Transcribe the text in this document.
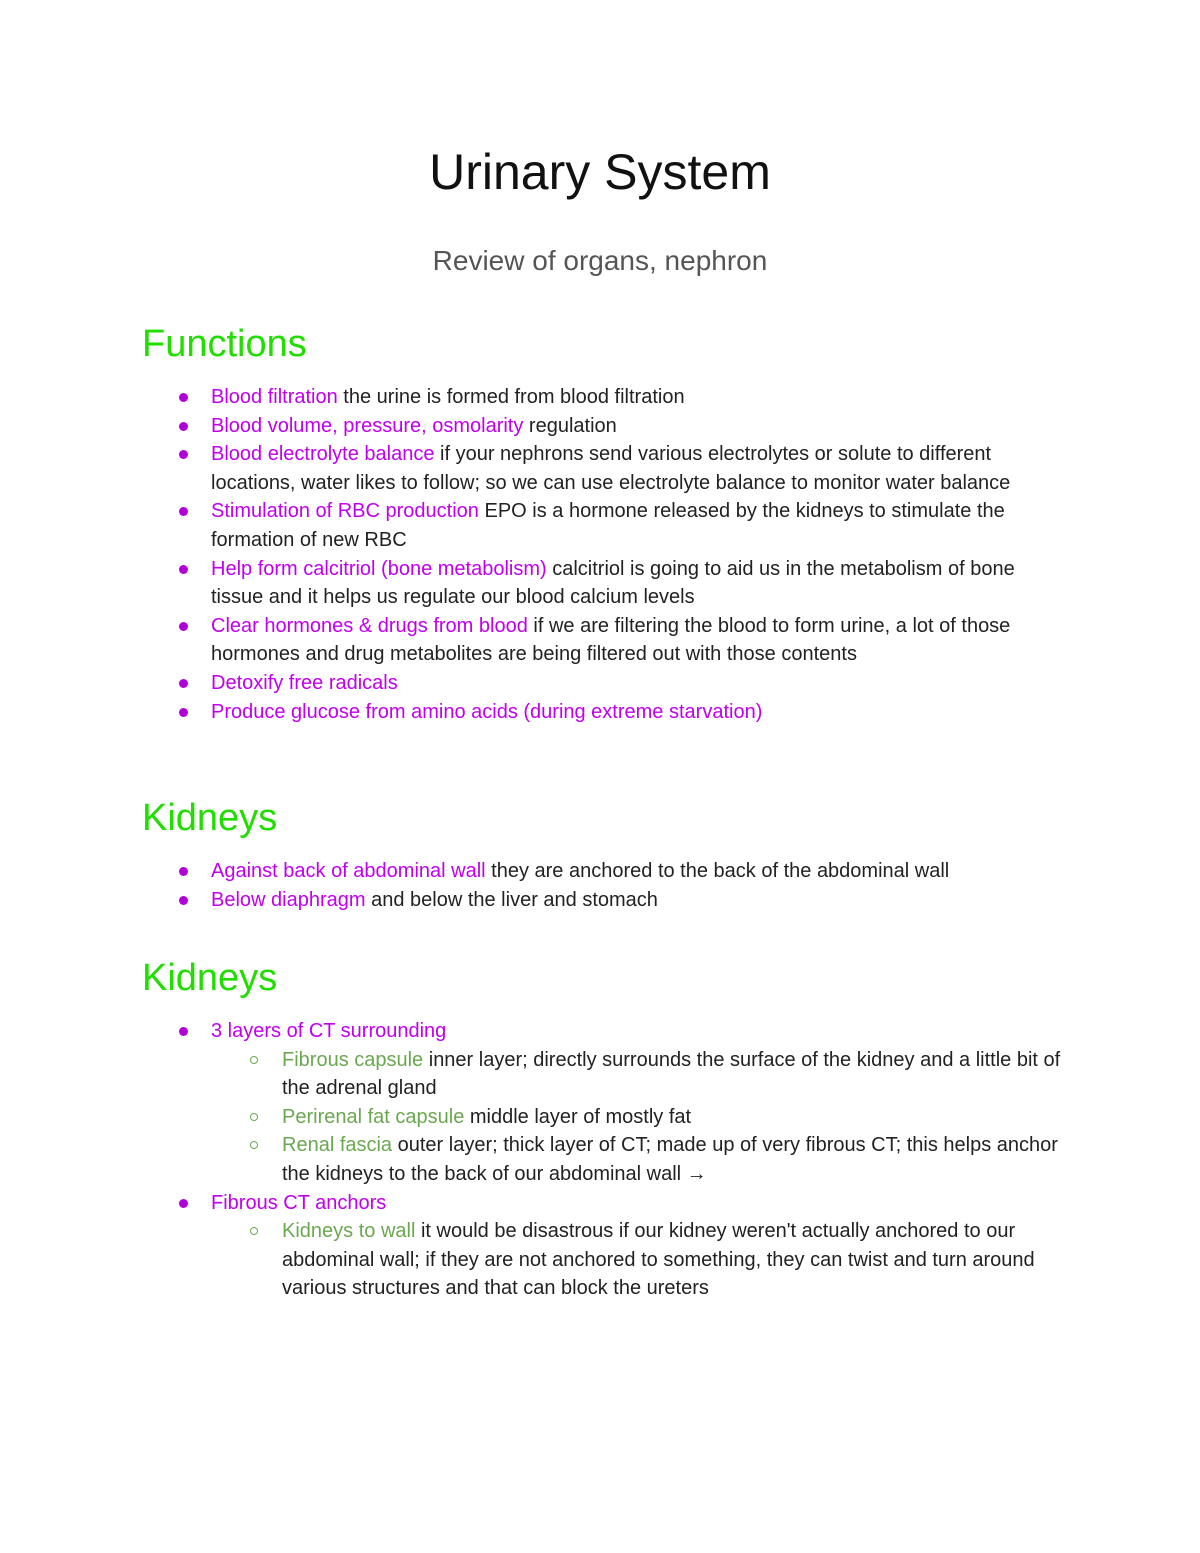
Urinary System
Review of organs, nephron
Functions
Blood filtration the urine is formed from blood filtration
Blood volume, pressure, osmolarity regulation
Blood electrolyte balance if your nephrons send various electrolytes or solute to different locations, water likes to follow; so we can use electrolyte balance to monitor water balance
Stimulation of RBC production EPO is a hormone released by the kidneys to stimulate the formation of new RBC
Help form calcitriol (bone metabolism) calcitriol is going to aid us in the metabolism of bone tissue and it helps us regulate our blood calcium levels
Clear hormones & drugs from blood if we are filtering the blood to form urine, a lot of those hormones and drug metabolites are being filtered out with those contents
Detoxify free radicals
Produce glucose from amino acids (during extreme starvation)
Kidneys
Against back of abdominal wall they are anchored to the back of the abdominal wall
Below diaphragm and below the liver and stomach
Kidneys
3 layers of CT surrounding
Fibrous capsule inner layer; directly surrounds the surface of the kidney and a little bit of the adrenal gland
Perirenal fat capsule middle layer of mostly fat
Renal fascia outer layer; thick layer of CT; made up of very fibrous CT; this helps anchor the kidneys to the back of our abdominal wall →
Fibrous CT anchors
Kidneys to wall it would be disastrous if our kidney weren't actually anchored to our abdominal wall; if they are not anchored to something, they can twist and turn around various structures and that can block the ureters
